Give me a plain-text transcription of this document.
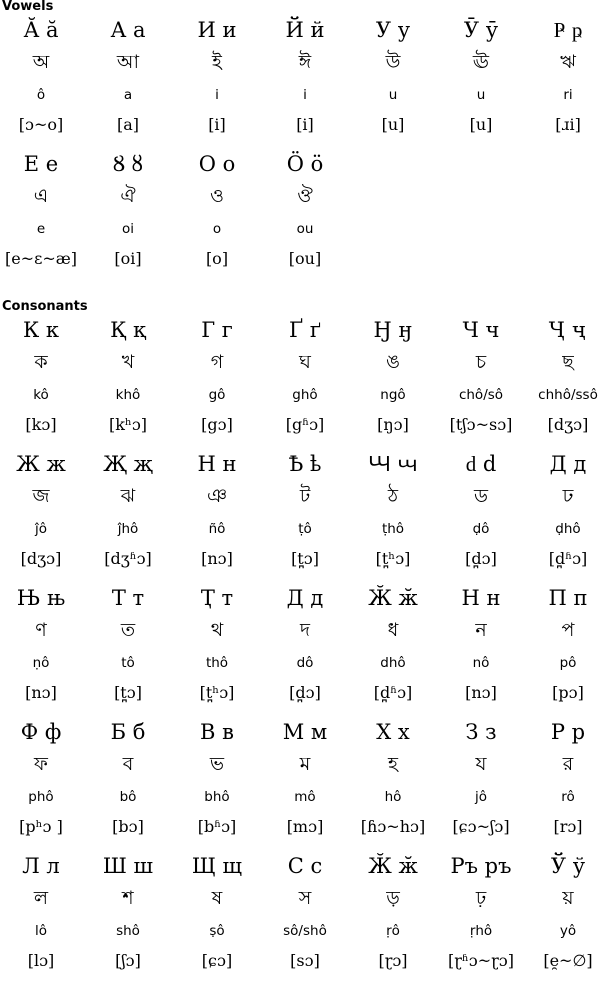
Vowels
Ӑ ӑ
অ
ô
[ɔ~o]
А а
আ
a
[a]
И и
ই
i
[i]
Й й
ঈ
i
[i]
У у
উ
u
[u]
Ӯ ӯ
ঊ
u
[u]
Ҏ ҏ
ঋ
ri
[ɹi]
Е е
এ
e
[e~ɛ~æ]
Ȣ ȣ
ঐ
oi
[oi]
О о
ও
o
[o]
Ӧ ӧ
ঔ
ou
[ou]
Consonants
К к
ক
kô
[kɔ]
Қ қ
খ
khô
[kʰɔ]
Г г
গ
gô
[gɔ]
Ґ ґ
ঘ
ghô
[gʱɔ]
Ӈ ӈ
ঙ
ngô
[ŋɔ]
Ч ч
চ
chô/sô
[tʃɔ~sɔ]
Ҷ ҷ
ছ
chhô/ssô
[dʒɔ]
Ж ж
জ
ĵô
[dʒɔ]
Җ җ
ঝ
ĵhô
[dʒʱɔ]
Н н
ঞ
ñô
[nɔ]
Ҍ ҍ
ট
ṭô
[t̪ɔ]
Ꚇ ꚇ
ঠ
ṭhô
[t̪ʰɔ]
ԁ d
ড
ḍô
[d̪ɔ]
Д д
ঢ
ḍhô
[d̪ʱɔ]
Њ њ
ণ
ṇô
[nɔ]
Т т
ত
tô
[t̪ɔ]
Ҭ т
থ
thô
[t̪ʰɔ]
Д д
দ
dô
[d̪ɔ]
Ӂ ӂ
ধ
dhô
[d̪ʱɔ]
Н н
ন
nô
[nɔ]
П п
প
pô
[pɔ]
Ф ф
ফ
phô
[pʰɔ ]
Б б
ব
bô
[bɔ]
В в
ভ
bhô
[bʱɔ]
М м
ম
mô
[mɔ]
Х х
হ
hô
[ɦɔ~hɔ]
З з
য
jô
[ɕɔ~ʃɔ]
Р р
র
rô
[rɔ]
Л л
ল
lô
[lɔ]
Ш ш
শ
shô
[ʃɔ]
Щ щ
ষ
ṣô
[ɕɔ]
С с
স
sô/shô
[sɔ]
Ӂ ӂ
ড়
ṛô
[ɽɔ]
Ръ ръ
ঢ়
ṛhô
[ɽʱɔ~ɽɔ]
Ў ў
য়
yô
[e̯~∅]
